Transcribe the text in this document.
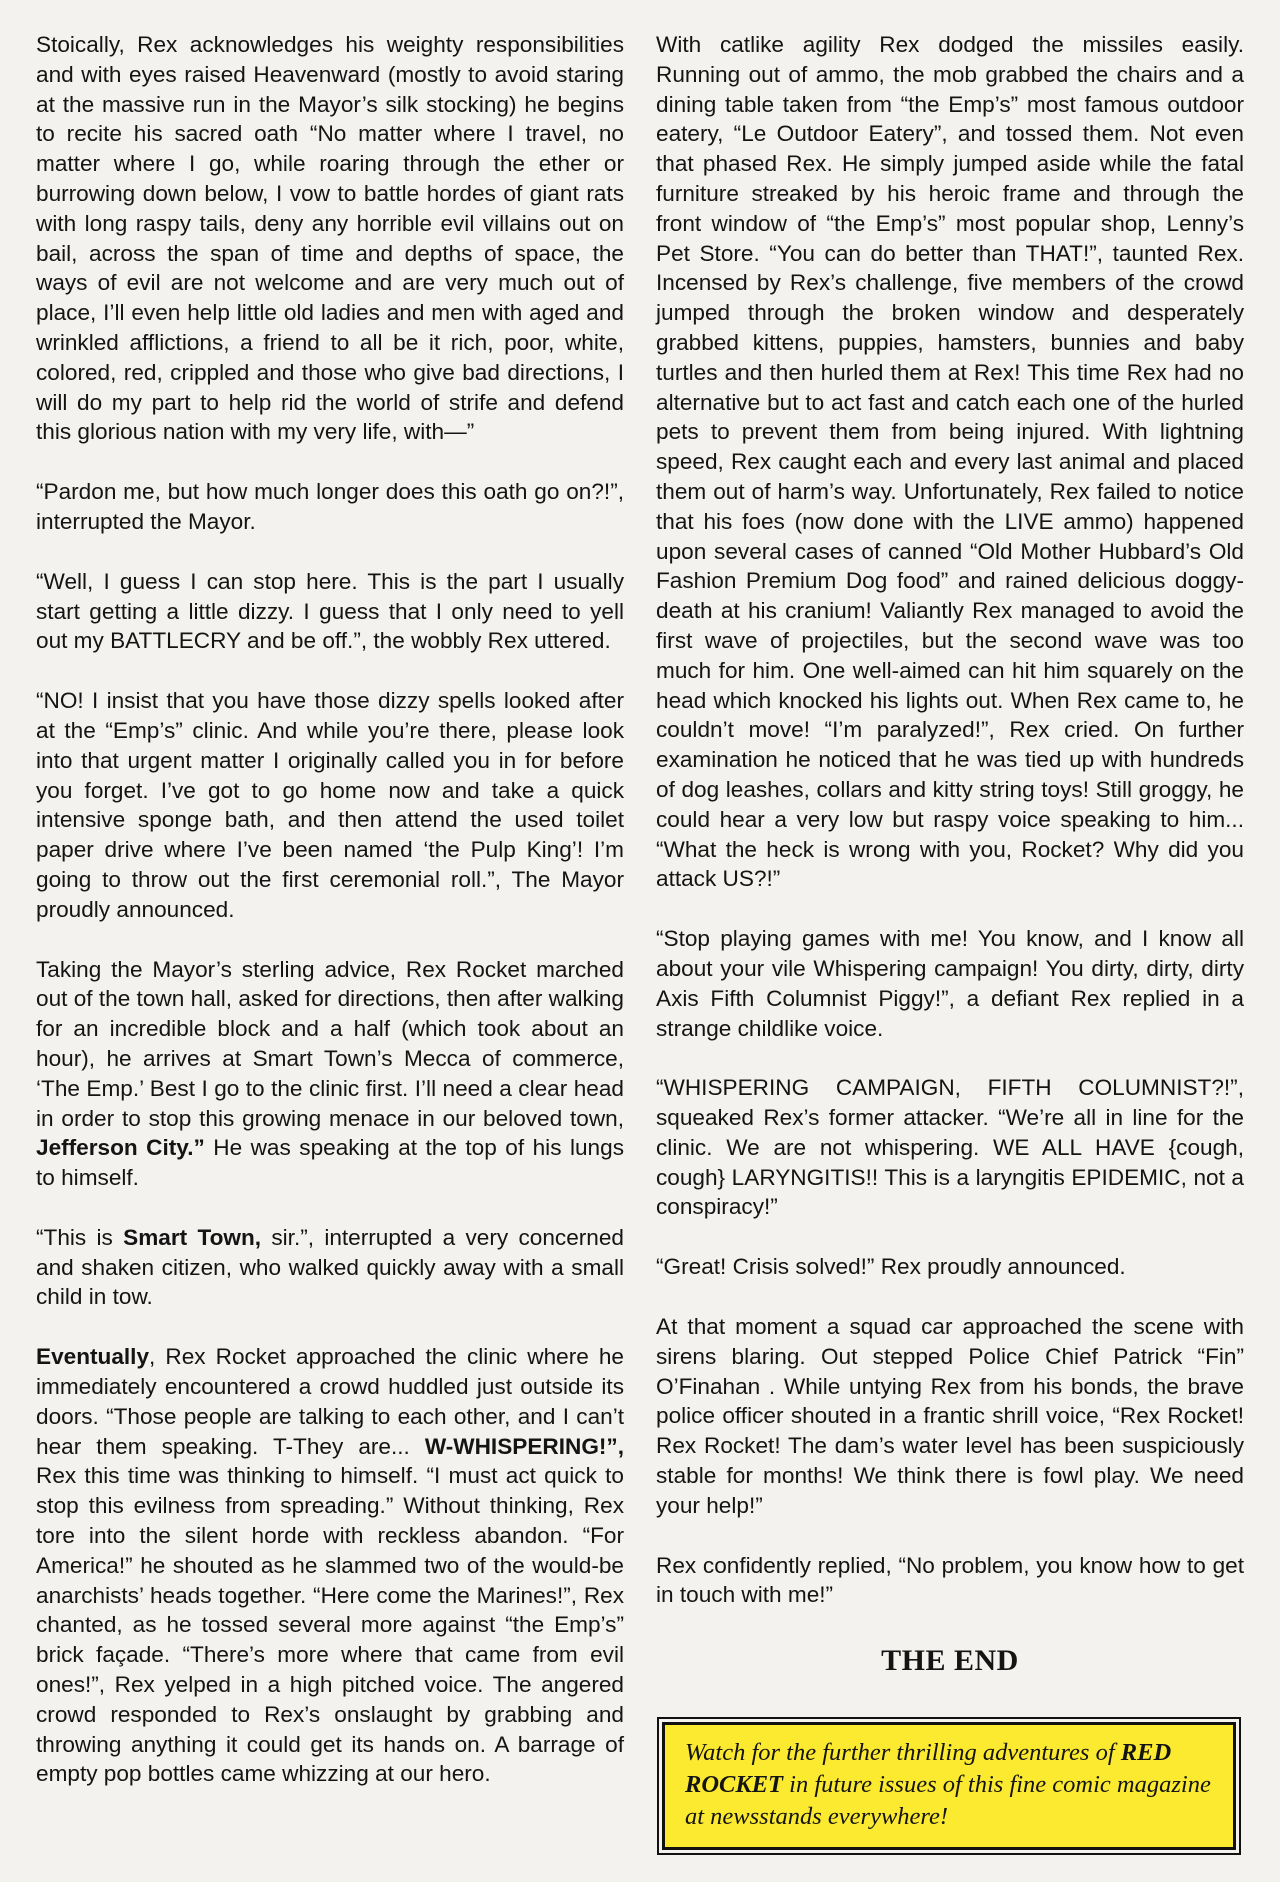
Stoically, Rex acknowledges his weighty responsibilities and with eyes raised Heavenward (mostly to avoid staring at the massive run in the Mayor’s silk stocking) he begins to recite his sacred oath “No matter where I travel, no matter where I go, while roaring through the ether or burrowing down below, I vow to battle hordes of giant rats with long raspy tails, deny any horrible evil villains out on bail, across the span of time and depths of space, the ways of evil are not welcome and are very much out of place, I’ll even help little old ladies and men with aged and wrinkled afflictions, a friend to all be it rich, poor, white, colored, red, crippled and those who give bad directions, I will do my part to help rid the world of strife and defend this glorious nation with my very life, with—”

“Pardon me, but how much longer does this oath go on?!”, interrupted the Mayor.

“Well, I guess I can stop here. This is the part I usually start getting a little dizzy. I guess that I only need to yell out my BATTLECRY and be off.”, the wobbly Rex uttered.

“NO! I insist that you have those dizzy spells looked after at the “Emp’s” clinic. And while you’re there, please look into that urgent matter I originally called you in for before you forget. I’ve got to go home now and take a quick intensive sponge bath, and then attend the used toilet paper drive where I’ve been named ‘the Pulp King’! I’m going to throw out the first ceremonial roll.”, The Mayor proudly announced.

Taking the Mayor’s sterling advice, Rex Rocket marched out of the town hall, asked for directions, then after walking for an incredible block and a half (which took about an hour), he arrives at Smart Town’s Mecca of commerce, ‘The Emp.’ Best I go to the clinic first. I’ll need a clear head in order to stop this growing menace in our beloved town, Jefferson City.” He was speaking at the top of his lungs to himself.

“This is Smart Town, sir.”, interrupted a very concerned and shaken citizen, who walked quickly away with a small child in tow.

Eventually, Rex Rocket approached the clinic where he immediately encountered a crowd huddled just outside its doors. “Those people are talking to each other, and I can’t hear them speaking. T-They are... W-WHISPERING!”, Rex this time was thinking to himself. “I must act quick to stop this evilness from spreading.” Without thinking, Rex tore into the silent horde with reckless abandon. “For America!” he shouted as he slammed two of the would-be anarchists’ heads together. “Here come the Marines!”, Rex chanted, as he tossed several more against “the Emp’s” brick façade. “There’s more where that came from evil ones!”, Rex yelped in a high pitched voice. The angered crowd responded to Rex’s onslaught by grabbing and throwing anything it could get its hands on. A barrage of empty pop bottles came whizzing at our hero.

With catlike agility Rex dodged the missiles easily. Running out of ammo, the mob grabbed the chairs and a dining table taken from “the Emp’s” most famous outdoor eatery, “Le Outdoor Eatery”, and tossed them. Not even that phased Rex. He simply jumped aside while the fatal furniture streaked by his heroic frame and through the front window of “the Emp’s” most popular shop, Lenny’s Pet Store. “You can do better than THAT!”, taunted Rex. Incensed by Rex’s challenge, five members of the crowd jumped through the broken window and desperately grabbed kittens, puppies, hamsters, bunnies and baby turtles and then hurled them at Rex! This time Rex had no alternative but to act fast and catch each one of the hurled pets to prevent them from being injured. With lightning speed, Rex caught each and every last animal and placed them out of harm’s way. Unfortunately, Rex failed to notice that his foes (now done with the LIVE ammo) happened upon several cases of canned “Old Mother Hubbard’s Old Fashion Premium Dog food” and rained delicious doggy-death at his cranium! Valiantly Rex managed to avoid the first wave of projectiles, but the second wave was too much for him. One well-aimed can hit him squarely on the head which knocked his lights out. When Rex came to, he couldn’t move! “I’m paralyzed!”, Rex cried. On further examination he noticed that he was tied up with hundreds of dog leashes, collars and kitty string toys! Still groggy, he could hear a very low but raspy voice speaking to him... “What the heck is wrong with you, Rocket? Why did you attack US?!”

“Stop playing games with me! You know, and I know all about your vile Whispering campaign! You dirty, dirty, dirty Axis Fifth Columnist Piggy!”, a defiant Rex replied in a strange childlike voice.

“WHISPERING CAMPAIGN, FIFTH COLUMNIST?!”, squeaked Rex’s former attacker. “We’re all in line for the clinic. We are not whispering. WE ALL HAVE {cough, cough} LARYNGITIS!! This is a laryngitis EPIDEMIC, not a conspiracy!”

“Great! Crisis solved!” Rex proudly announced.

At that moment a squad car approached the scene with sirens blaring. Out stepped Police Chief Patrick “Fin” O’Finahan . While untying Rex from his bonds, the brave police officer shouted in a frantic shrill voice, “Rex Rocket! Rex Rocket! The dam’s water level has been suspiciously stable for months! We think there is fowl play. We need your help!”

Rex confidently replied, “No problem, you know how to get in touch with me!”

THE END
Watch for the further thrilling adventures of RED ROCKET in future issues of this fine comic magazine at newsstands everywhere!
